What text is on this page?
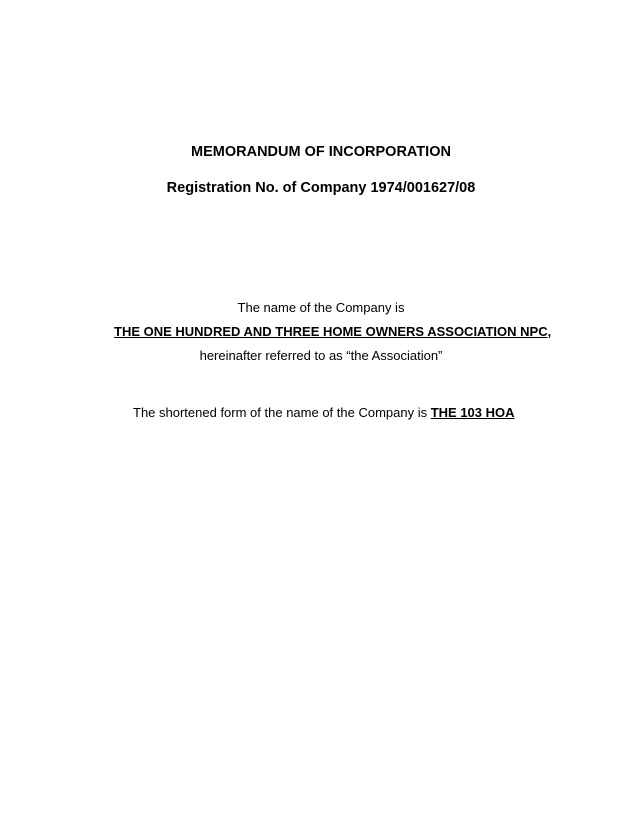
MEMORANDUM OF INCORPORATION
Registration No. of Company 1974/001627/08
The name of the Company is
THE ONE HUNDRED AND THREE HOME OWNERS ASSOCIATION NPC,
hereinafter referred to as “the Association”
The shortened form of the name of the Company is THE 103 HOA
